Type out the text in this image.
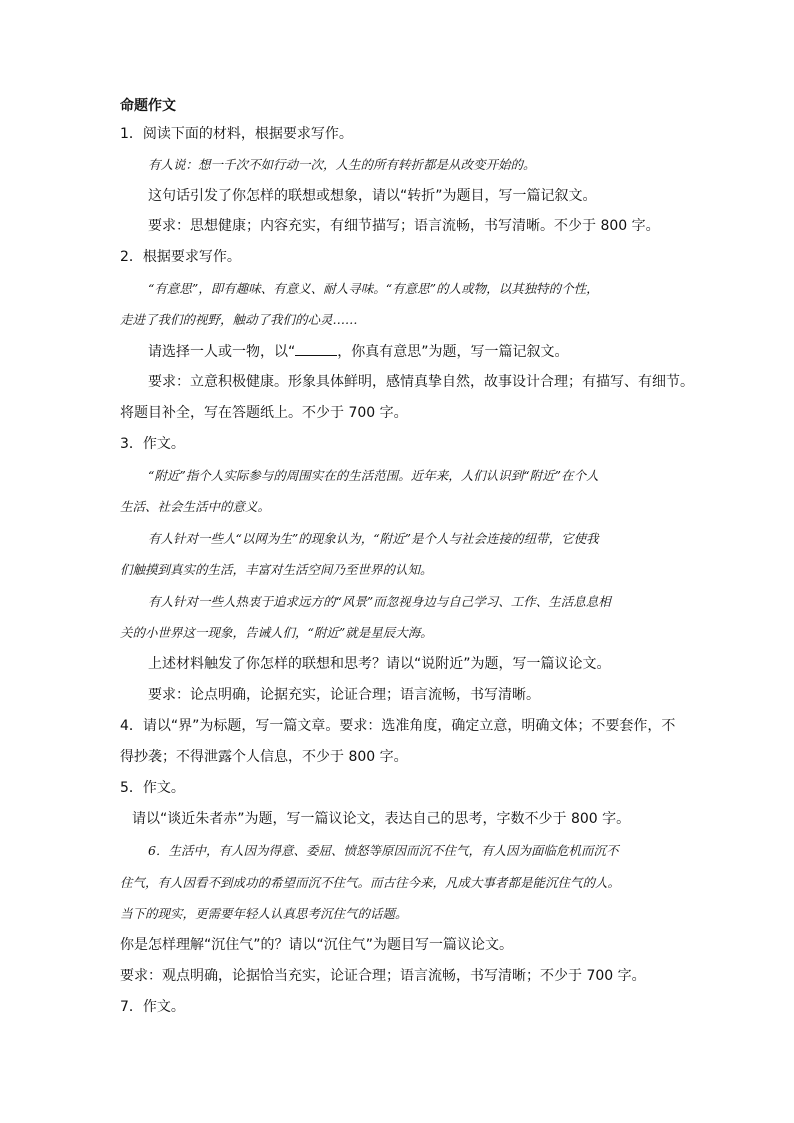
命题作文
1．阅读下面的材料，根据要求写作。
有人说：想一千次不如行动一次，人生的所有转折都是从改变开始的。
这句话引发了你怎样的联想或想象，请以“转折”为题目，写一篇记叙文。
要求：思想健康；内容充实，有细节描写；语言流畅，书写清晰。不少于 800 字。
2．根据要求写作。
“有意思”，即有趣味、有意义、耐人寻味。“有意思”的人或物，以其独特的个性，
走进了我们的视野，触动了我们的心灵……
请选择一人或一物，以“	，你真有意思”为题，写一篇记叙文。
要求：立意积极健康。形象具体鲜明，感情真挚自然，故事设计合理；有描写、有细节。
将题目补全，写在答题纸上。不少于 700 字。
3．作文。
“附近”指个人实际参与的周围实在的生活范围。近年来，人们认识到“附近”在个人
生活、社会生活中的意义。
有人针对一些人“以网为生”的现象认为，“附近”是个人与社会连接的纽带，它使我
们触摸到真实的生活，丰富对生活空间乃至世界的认知。
有人针对一些人热衷于追求远方的“风景”而忽视身边与自己学习、工作、生活息息相
关的小世界这一现象，告诫人们，“附近”就是星辰大海。
上述材料触发了你怎样的联想和思考？请以“说附近”为题，写一篇议论文。
要求：论点明确，论据充实，论证合理；语言流畅，书写清晰。
4．请以“界”为标题，写一篇文章。要求：选准角度，确定立意，明确文体；不要套作，不
得抄袭；不得泄露个人信息，不少于 800 字。
5．作文。
请以“谈近朱者赤”为题，写一篇议论文，表达自己的思考，字数不少于 800 字。
6．生活中，有人因为得意、委屈、愤怒等原因而沉不住气，有人因为面临危机而沉不
住气，有人因看不到成功的希望而沉不住气。而古往今来，凡成大事者都是能沉住气的人。
当下的现实，更需要年轻人认真思考沉住气的话题。
你是怎样理解“沉住气”的？请以“沉住气”为题目写一篇议论文。
要求：观点明确，论据恰当充实，论证合理；语言流畅，书写清晰；不少于 700 字。
7．作文。
